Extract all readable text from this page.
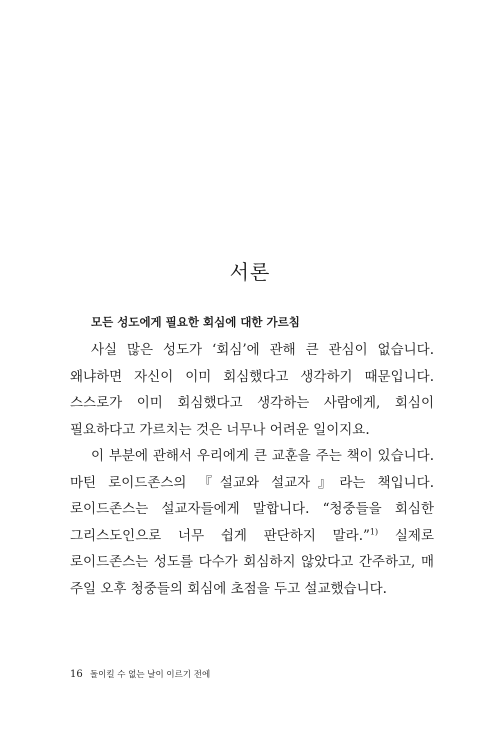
서론
모든 성도에게 필요한 회심에 대한 가르침

사실 많은 성도가 ‘회심’에 관해 큰 관심이 없습니다. 왜냐하면 자신이 이미 회심했다고 생각하기 때문입니다. 스스로가 이미 회심했다고 생각하는 사람에게, 회심이 필요하다고 가르치는 것은 너무나 어려운 일이지요.

이 부분에 관해서 우리에게 큰 교훈을 주는 책이 있습니다. 마틴 로이드존스의 『설교와 설교자』라는 책입니다. 로이드존스는 설교자들에게 말합니다. “청중들을 회심한 그리스도인으로 너무 쉽게 판단하지 말라.”$^{1)}$ 실제로 로이드존스는 성도를 다수가 회심하지 않았다고 간주하고, 매 주일 오후 청중들의 회심에 초점을 두고 설교했습니다.

16 돌이킬 수 없는 날이 이르기 전에
